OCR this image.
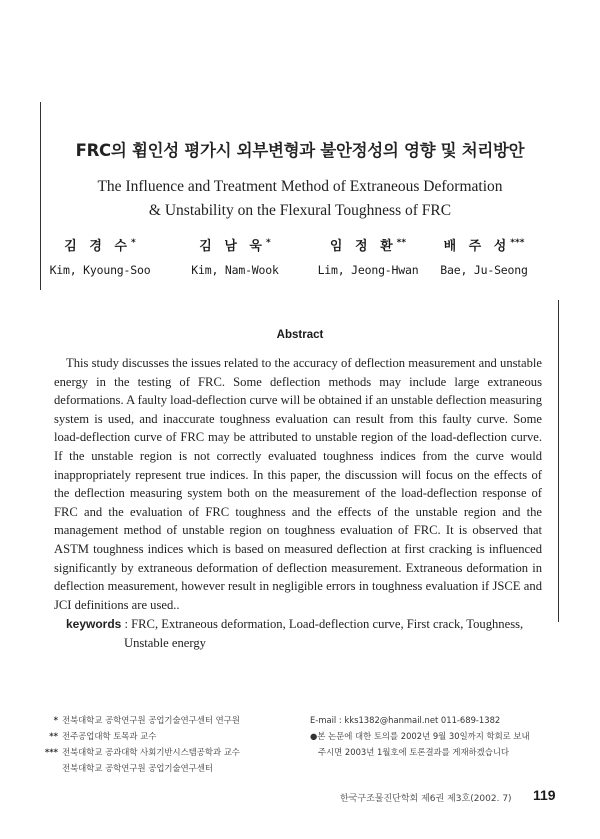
FRC의 휨인성 평가시 외부변형과 불안정성의 영향 및 처리방안
The Influence and Treatment Method of Extraneous Deformation
& Unstability on the Flexural Toughness of FRC
김 경 수*
Kim, Kyoung-Soo
김 남 욱*
Kim, Nam-Wook
임 정 환**
Lim, Jeong-Hwan
배 주 성***
Bae, Ju-Seong
Abstract
This study discusses the issues related to the accuracy of deflection measurement and unstable energy in the testing of FRC. Some deflection methods may include large extraneous deformations. A faulty load-deflection curve will be obtained if an unstable deflection measuring system is used, and inaccurate toughness evaluation can result from this faulty curve. Some load-deflection curve of FRC may be attributed to unstable region of the load-deflection curve. If the unstable region is not correctly evaluated toughness indices from the curve would inappropriately represent true indices. In this paper, the discussion will focus on the effects of the deflection measuring system both on the measurement of the load-deflection response of FRC and the evaluation of FRC toughness and the effects of the unstable region and the management method of unstable region on toughness evaluation of FRC. It is observed that ASTM toughness indices which is based on measured deflection at first cracking is influenced significantly by extraneous deformation of deflection measurement. Extraneous deformation in deflection measurement, however result in negligible errors in toughness evaluation if JSCE and JCI definitions are used..
keywords : FRC, Extraneous deformation, Load-deflection curve, First crack, Toughness,
Unstable energy
* 전북대학교 공학연구원 공업기술연구센터 연구원
** 전주공업대학 토목과 교수
*** 전북대학교 공과대학 사회기반시스템공학과 교수
전북대학교 공학연구원 공업기술연구센터
E-mail : kks1382@hanmail.net 011-689-1382
●본 논문에 대한 토의를 2002년 9월 30일까지 학회로 보내
주시면 2003년 1월호에 토론결과를 게재하겠습니다
한국구조물진단학회 제6권 제3호(2002. 7) 119
